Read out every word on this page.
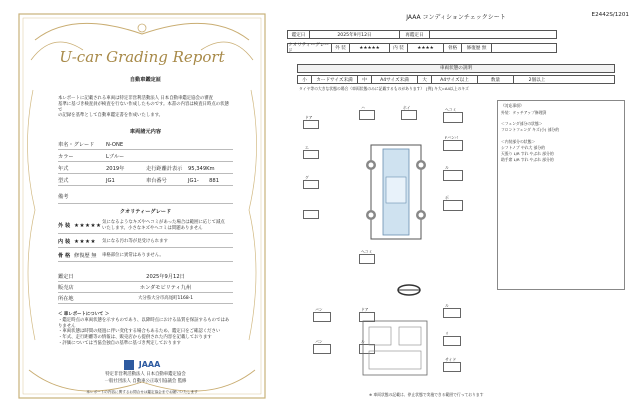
U-car Grading Report
自動車鑑定証
本レポートに記載される車両は特定非営利活動法人 日本自動車鑑定協会の審査
基準に基づき検査員が検査を行ない作成したものです。本書の内容は検査日時点の状態で
の記録を基準として自動車鑑定書を作成いたします。
車両諸元内容
車名・グレード	N-ONE
カラー	Lブルー
年式	2019年	走行距離計表示	95,349Km
型式	JG1	車台番号	JG1-　　881
備考
クオリティーグレード
外 装 ★★★★★
気になるようなキズやヘコミがあった場合は範囲に応じて減点いたします。小さなキズやヘコミは問題ありません
内 装 ★★★★	気になる汚れ等が見受けられます
骨 格 修復歴 無	車格部位に異常はありません。
鑑定日	2025年9月12日
販売店	ホンダモビリティ九州
所在地	大分県大分市高尾町1168-1
＜ 車レポートについて ＞
・鑑定時点の車両状態を示すものであり、以降時点における品質を保証するものではありません
・車両状態は時間の経過に伴い変化する場合もあるため、鑑定日をご確認ください
・年式、走行距離等の情報は、販売店から提供された内容を記載しております
・評価については当協会独自の基準に基づき判定しております
JAAA
特定非営利活動法人 日本自動車鑑定協会
一般社団法人 自動車公正取引協議会 監修
本レポートの内容に関するお問合せは鑑定協会までお願いいたします
JAAA コンディションチェックシート	E2442S/1201
鑑定日	2025年9月12日	再鑑定日
クオリティーグレード
外 装	★★★★★	内 装	★★★★	骨格	修復歴 無
車両状態の説明
小	カードサイズ未満	中	A4サイズ未満	大	A4サイズ以上	数量	2個以上
タイヤ等の大きな状態の場合（車両状態のみに記載するものがあります）　[例] キ大=A4以上のキズ
ドア
エ
グ
ヘコミ
Fバンパ
ル
ポ
ハ	ホイ
ヘコミ
バン
パン
ル
リ
サイド
ドア
ル
《対応事項》
外装：タッチアップ修理済
＜フェンダ部分の状態＞
フロントフェンダ キズ(小) 部分的
＜内装部分の状態＞
シフトノブ やれ大 部分的
天張り L/R すれ やぶれ 部分的
助手席 L/R すれ やぶれ 部分的
※ 車両状態の記載は、停止状態で実施できる範囲で行っております
